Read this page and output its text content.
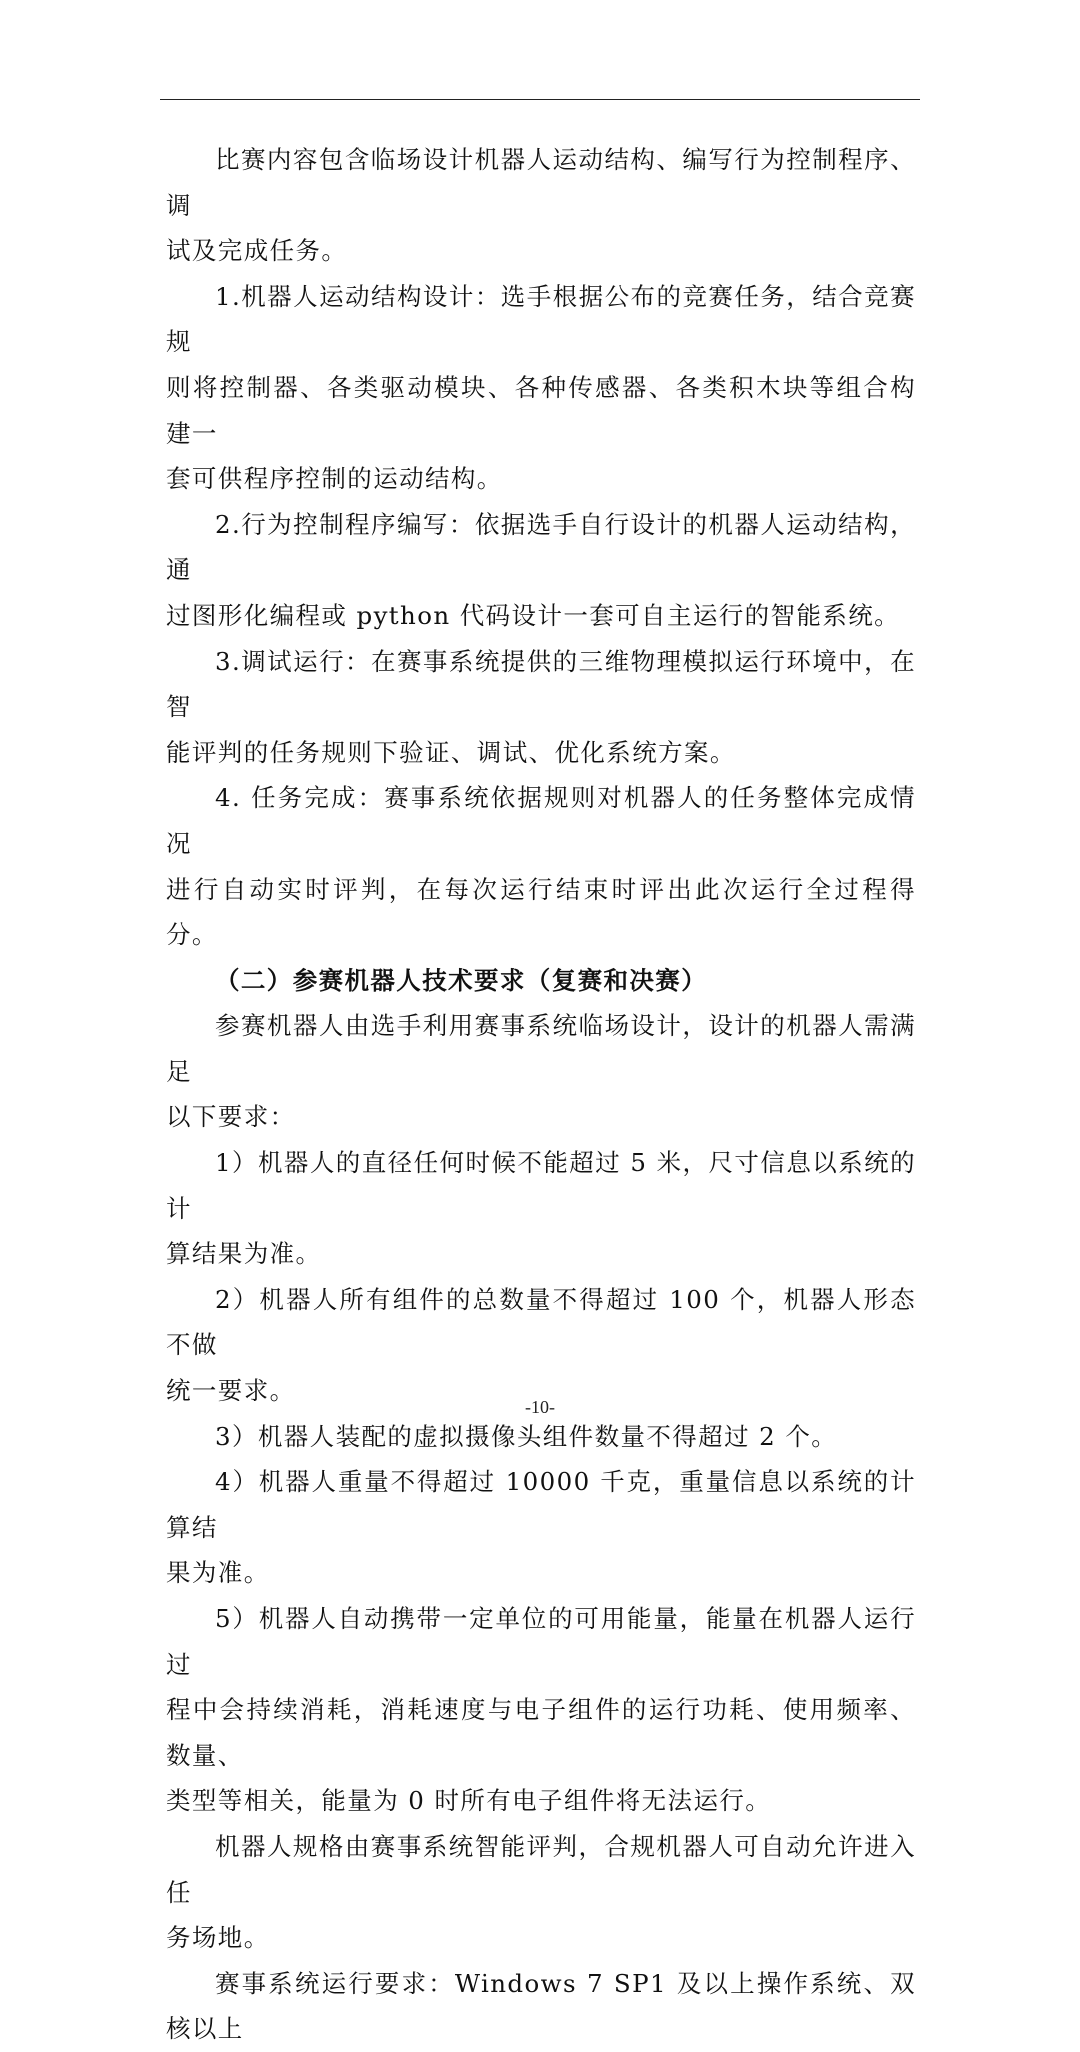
比赛内容包含临场设计机器人运动结构、编写行为控制程序、调
试及完成任务。

1.机器人运动结构设计：选手根据公布的竞赛任务，结合竞赛规
则将控制器、各类驱动模块、各种传感器、各类积木块等组合构建一
套可供程序控制的运动结构。

2.行为控制程序编写：依据选手自行设计的机器人运动结构，通
过图形化编程或 python 代码设计一套可自主运行的智能系统。

3.调试运行：在赛事系统提供的三维物理模拟运行环境中，在智
能评判的任务规则下验证、调试、优化系统方案。

4. 任务完成：赛事系统依据规则对机器人的任务整体完成情况
进行自动实时评判，在每次运行结束时评出此次运行全过程得分。

（二）参赛机器人技术要求（复赛和决赛）

参赛机器人由选手利用赛事系统临场设计，设计的机器人需满足
以下要求：

1）机器人的直径任何时候不能超过 5 米，尺寸信息以系统的计
算结果为准。

2）机器人所有组件的总数量不得超过 100 个，机器人形态不做
统一要求。

3）机器人装配的虚拟摄像头组件数量不得超过 2 个。

4）机器人重量不得超过 10000 千克，重量信息以系统的计算结
果为准。

5）机器人自动携带一定单位的可用能量，能量在机器人运行过
程中会持续消耗，消耗速度与电子组件的运行功耗、使用频率、数量、
类型等相关，能量为 0 时所有电子组件将无法运行。

机器人规格由赛事系统智能评判，合规机器人可自动允许进入任
务场地。

赛事系统运行要求：Windows 7 SP1 及以上操作系统、双核以上

-10-
